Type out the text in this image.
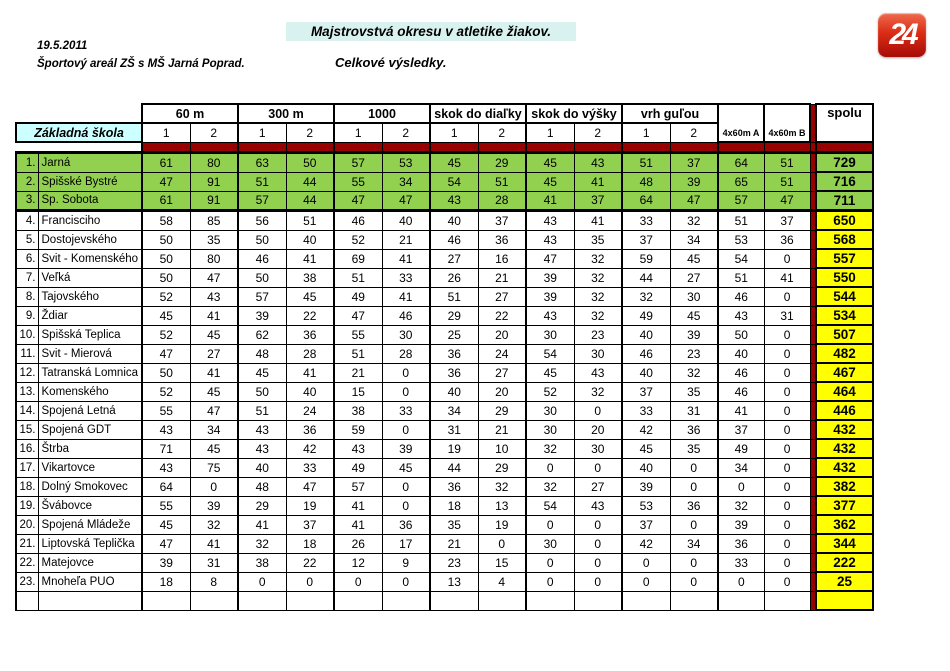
19.5.2011
Športový areál ZŠ s MŠ Jarná Poprad.
Majstrovstvá okresu v atletike žiakov.
Celkové výsledky.
24
		60 m		300 m		1000		skok do diaľky		skok do výšky		vrh guľou		4x60m A	4x60m B		spolu
Základná škola		1	2	1	2	1	2	1	2	1	2	1	2				

1.	Jarná	61	80	63	50	57	53	45	29	45	43	51	37	64	51		729
2.	Spišské Bystré	47	91	51	44	55	34	54	51	45	41	48	39	65	51		716
3.	Sp. Sobota	61	91	57	44	47	47	43	28	41	37	64	47	57	47		711
4.	Francisciho	58	85	56	51	46	40	40	37	43	41	33	32	51	37		650
5.	Dostojevského	50	35	50	40	52	21	46	36	43	35	37	34	53	36		568
6.	Svit - Komenského	50	80	46	41	69	41	27	16	47	32	59	45	54	0		557
7.	Veľká	50	47	50	38	51	33	26	21	39	32	44	27	51	41		550
8.	Tajovského	52	43	57	45	49	41	51	27	39	32	32	30	46	0		544
9.	Ždiar	45	41	39	22	47	46	29	22	43	32	49	45	43	31		534
10.	Spišská Teplica	52	45	62	36	55	30	25	20	30	23	40	39	50	0		507
11.	Svit - Mierová	47	27	48	28	51	28	36	24	54	30	46	23	40	0		482
12.	Tatranská Lomnica	50	41	45	41	21	0	36	27	45	43	40	32	46	0		467
13.	Komenského	52	45	50	40	15	0	40	20	52	32	37	35	46	0		464
14.	Spojená Letná	55	47	51	24	38	33	34	29	30	0	33	31	41	0		446
15.	Spojená GDT	43	34	43	36	59	0	31	21	30	20	42	36	37	0		432
16.	Štrba	71	45	43	42	43	39	19	10	32	30	45	35	49	0		432
17.	Vikartovce	43	75	40	33	49	45	44	29	0	0	40	0	34	0		432
18.	Dolný Smokovec	64	0	48	47	57	0	36	32	32	27	39	0	0	0		382
19.	Švábovce	55	39	29	19	41	0	18	13	54	43	53	36	32	0		377
20.	Spojená Mládeže	45	32	41	37	41	36	35	19	0	0	37	0	39	0		362
21.	Liptovská Teplička	47	41	32	18	26	17	21	0	30	0	42	34	36	0		344
22.	Matejovce	39	31	38	22	12	9	23	15	0	0	0	0	33	0		222
23.	Mnoheľa PUO	18	8	0	0	0	0	13	4	0	0	0	0	0	0		25
